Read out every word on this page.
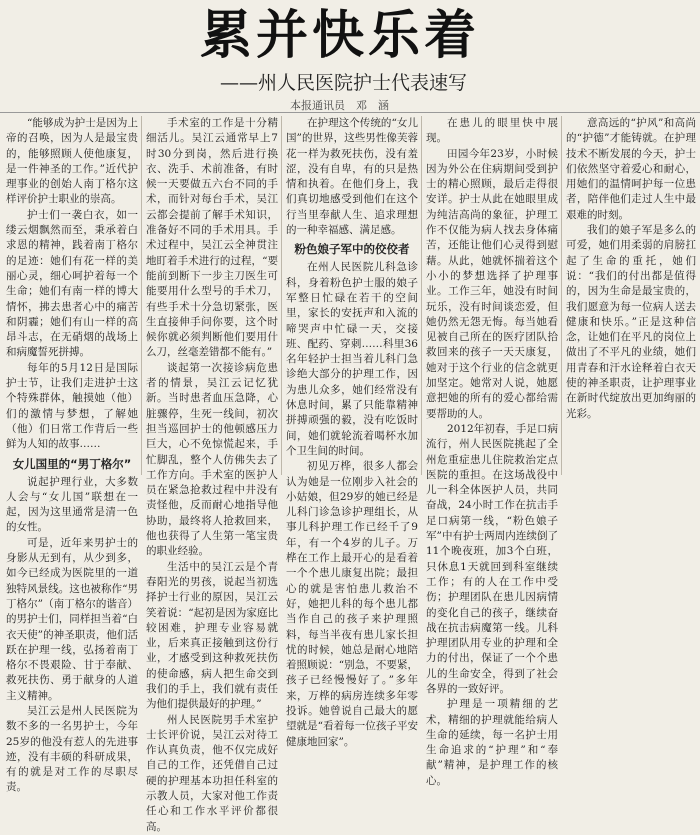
累并快乐着
——州人民医院护士代表速写
本报通讯员　邓　涵

“能够成为护士是因为上帝的召唤，因为人是最宝贵的，能够照顾人使他康复，是一件神圣的工作。”近代护理事业的创始人南丁格尔这样评价护士职业的崇高。

护士们一袭白衣，如一缕云烟飘然而至，秉承着白求恩的精神，践着南丁格尔的足迹：她们有花一样的美丽心灵，细心呵护着每一个生命；她们有南一样的博大情怀，拂去患者心中的痛苦和阴霾；她们有山一样的高昂斗志，在无硝烟的战场上和病魔誓死拼搏。

每年的5月12日是国际护士节，让我们走进护士这个特殊群体，触摸她（他）们的激情与梦想，了解她（他）们日常工作背后一些鲜为人知的故事……

女儿国里的“男丁格尔”

说起护理行业，大多数人会与“女儿国”联想在一起，因为这里通常是清一色的女性。

可是，近年来男护士的身影从无到有，从少到多，如今已经成为医院里的一道独特风景线。这也被称作“男丁格尔”（南丁格尔的谐音）的男护士们，同样担当着“白衣天使”的神圣职责，他们活跃在护理一线，弘扬着南丁格尔不畏艰险、甘于奉献、救死扶伤、勇于献身的人道主义精神。

吴江云是州人民医院为数不多的一名男护士，今年25岁的他没有惹人的先进事迹，没有丰硕的科研成果，有的就是对工作的尽职尽责。

手术室的工作是十分精细活儿。吴江云通常早上7时30分到岗，然后进行换衣、洗手、术前准备，有时候一天要做五六台不同的手术，而针对每台手术，吴江云都会提前了解手术知识，准备好不同的手术用具。手术过程中，吴江云全神贯注地盯着手术进行的过程，“要能前到断下一步主刀医生可能要用什么型号的手术刀，有些手术十分急切紧张，医生直接伸手问你要，这个时候你就必须判断他们要用什么刀，丝毫差错都不能有。”

谈起第一次接诊病危患者的情景，吴江云记忆犹新。当时患者血压急降，心脏骤停，生死一线间，初次担当巡回护士的他顿感压力巨大，心不免惊慌起来，手忙脚乱，整个人仿佛失去了工作方向。手术室的医护人员在紧急抢救过程中井没有责怪他，反而耐心地指导他协助，最终将人抢救回来，他也获得了人生第一笔宝贵的职业经验。

生活中的吴江云是个青春阳光的男孩，说起当初选择护士行业的原因，吴江云笑着说：“起初是因为家庭比较困难，护理专业容易就业，后来真正接触到这份行业，才感受到这种救死扶伤的使命感，病人把生命交到我们的手上，我们就有责任为他们提供最好的护理。”

州人民医院男手术室护士长评价说，吴江云对待工作认真负责，他不仅完成好自己的工作，还凭借自己过硬的护理基本功担任科室的示教人员，大家对他工作责任心和工作水平评价都很高。

在护理这个传统的“女儿国”的世界，这些男性像芙蓉花一样为救死扶伤，没有羞涩，没有自卑，有的只是热情和执着。在他们身上，我们真切地感受到他们在这个行当里奉献人生、追求理想的一种幸福感、满足感。

粉色娘子军中的佼佼者

在州人民医院儿科急诊科，身着粉色护士服的娘子军整日忙碌在若干的空间里，家长的安抚声和入流的啼哭声中忙碌一天，交接班、配药、穿刺……科里36名年轻护士担当着儿科门急诊绝大部分的护理工作，因为患儿众多，她们经常没有休息时间，累了只能靠精神拼搏顽强的毅，没有吃饭时间，她们就轮流着喝杯水加个卫生间的时间。

初见万桦，很多人都会认为她是一位刚步入社会的小姑娘，但29岁的她已经是儿科门诊急诊护理组长，从事儿科护理工作已经千了9年，有一个4岁的儿子。万桦在工作上最开心的是看着一个个患儿康复出院；最担心的就是害怕患儿救治不好，她把儿科的每个患儿都当作自己的孩子来护理照料，每当半夜有患儿家长担忧的时候，她总是耐心地陪着照顾说：“别急，不要紧，孩子已经慢慢好了。”多年来，万桦的病房连续多年零投诉。她曾说自己最大的愿望就是“看着每一位孩子平安健康地回家”。

在患儿的眼里快中展现。

田园今年23岁，小时候因为外公在住病期间受到护士的精心照顾，最后走得很安详。护士从此在她眼里成为纯洁高尚的象征，护理工作不仅能为病人找去身体痛苦，还能让他们心灵得到慰藉。从此，她就怀揣着这个小小的梦想选择了护理事业。工作三年，她没有时间玩乐，没有时间谈恋爱，但她仍然无怨无悔。每当她看见被自己所在的医疗团队拾救回来的孩子一天天康复，她对于这个行业的信念就更加坚定。她常对人说，她愿意把她的所有的爱心都给需要帮助的人。

2012年初春，手足口病流行，州人民医院挑起了全州危重症患儿住院救治定点医院的重担。在这场战役中儿一科全体医护人员，共同奋战，24小时工作在抗击手足口病第一线，“粉色娘子军”中有护士两周内连续倒了11个晚夜班，加3个白班，只休息1天就回到科室继续工作；有的人在工作中受伤；护理团队在患儿因病情的变化自己的孩子，继续奋战在抗击病魔第一线。儿科护理团队用专业的护理和全力的付出，保证了一个个患儿的生命安全，得到了社会各界的一致好评。

护理是一项精细的艺术，精细的护理就能给病人生命的延续，每一名护士用生命追求的“护理”和“奉献”精神，是护理工作的核心。

意高远的“护风”和高尚的“护德”才能铸就。在护理技术不断发展的今天，护士们依然坚守着爱心和耐心，用她们的温情呵护每一位患者，陪伴他们走过人生中最艰难的时刻。

我们的娘子军是多么的可爱，她们用柔弱的肩膀扛起了生命的重托，她们说：“我们的付出都是值得的，因为生命是最宝贵的，我们愿意为每一位病人送去健康和快乐。”正是这种信念，让她们在平凡的岗位上做出了不平凡的业绩，她们用青春和汗水诠释着白衣天使的神圣职责，让护理事业在新时代绽放出更加绚丽的光彩。
